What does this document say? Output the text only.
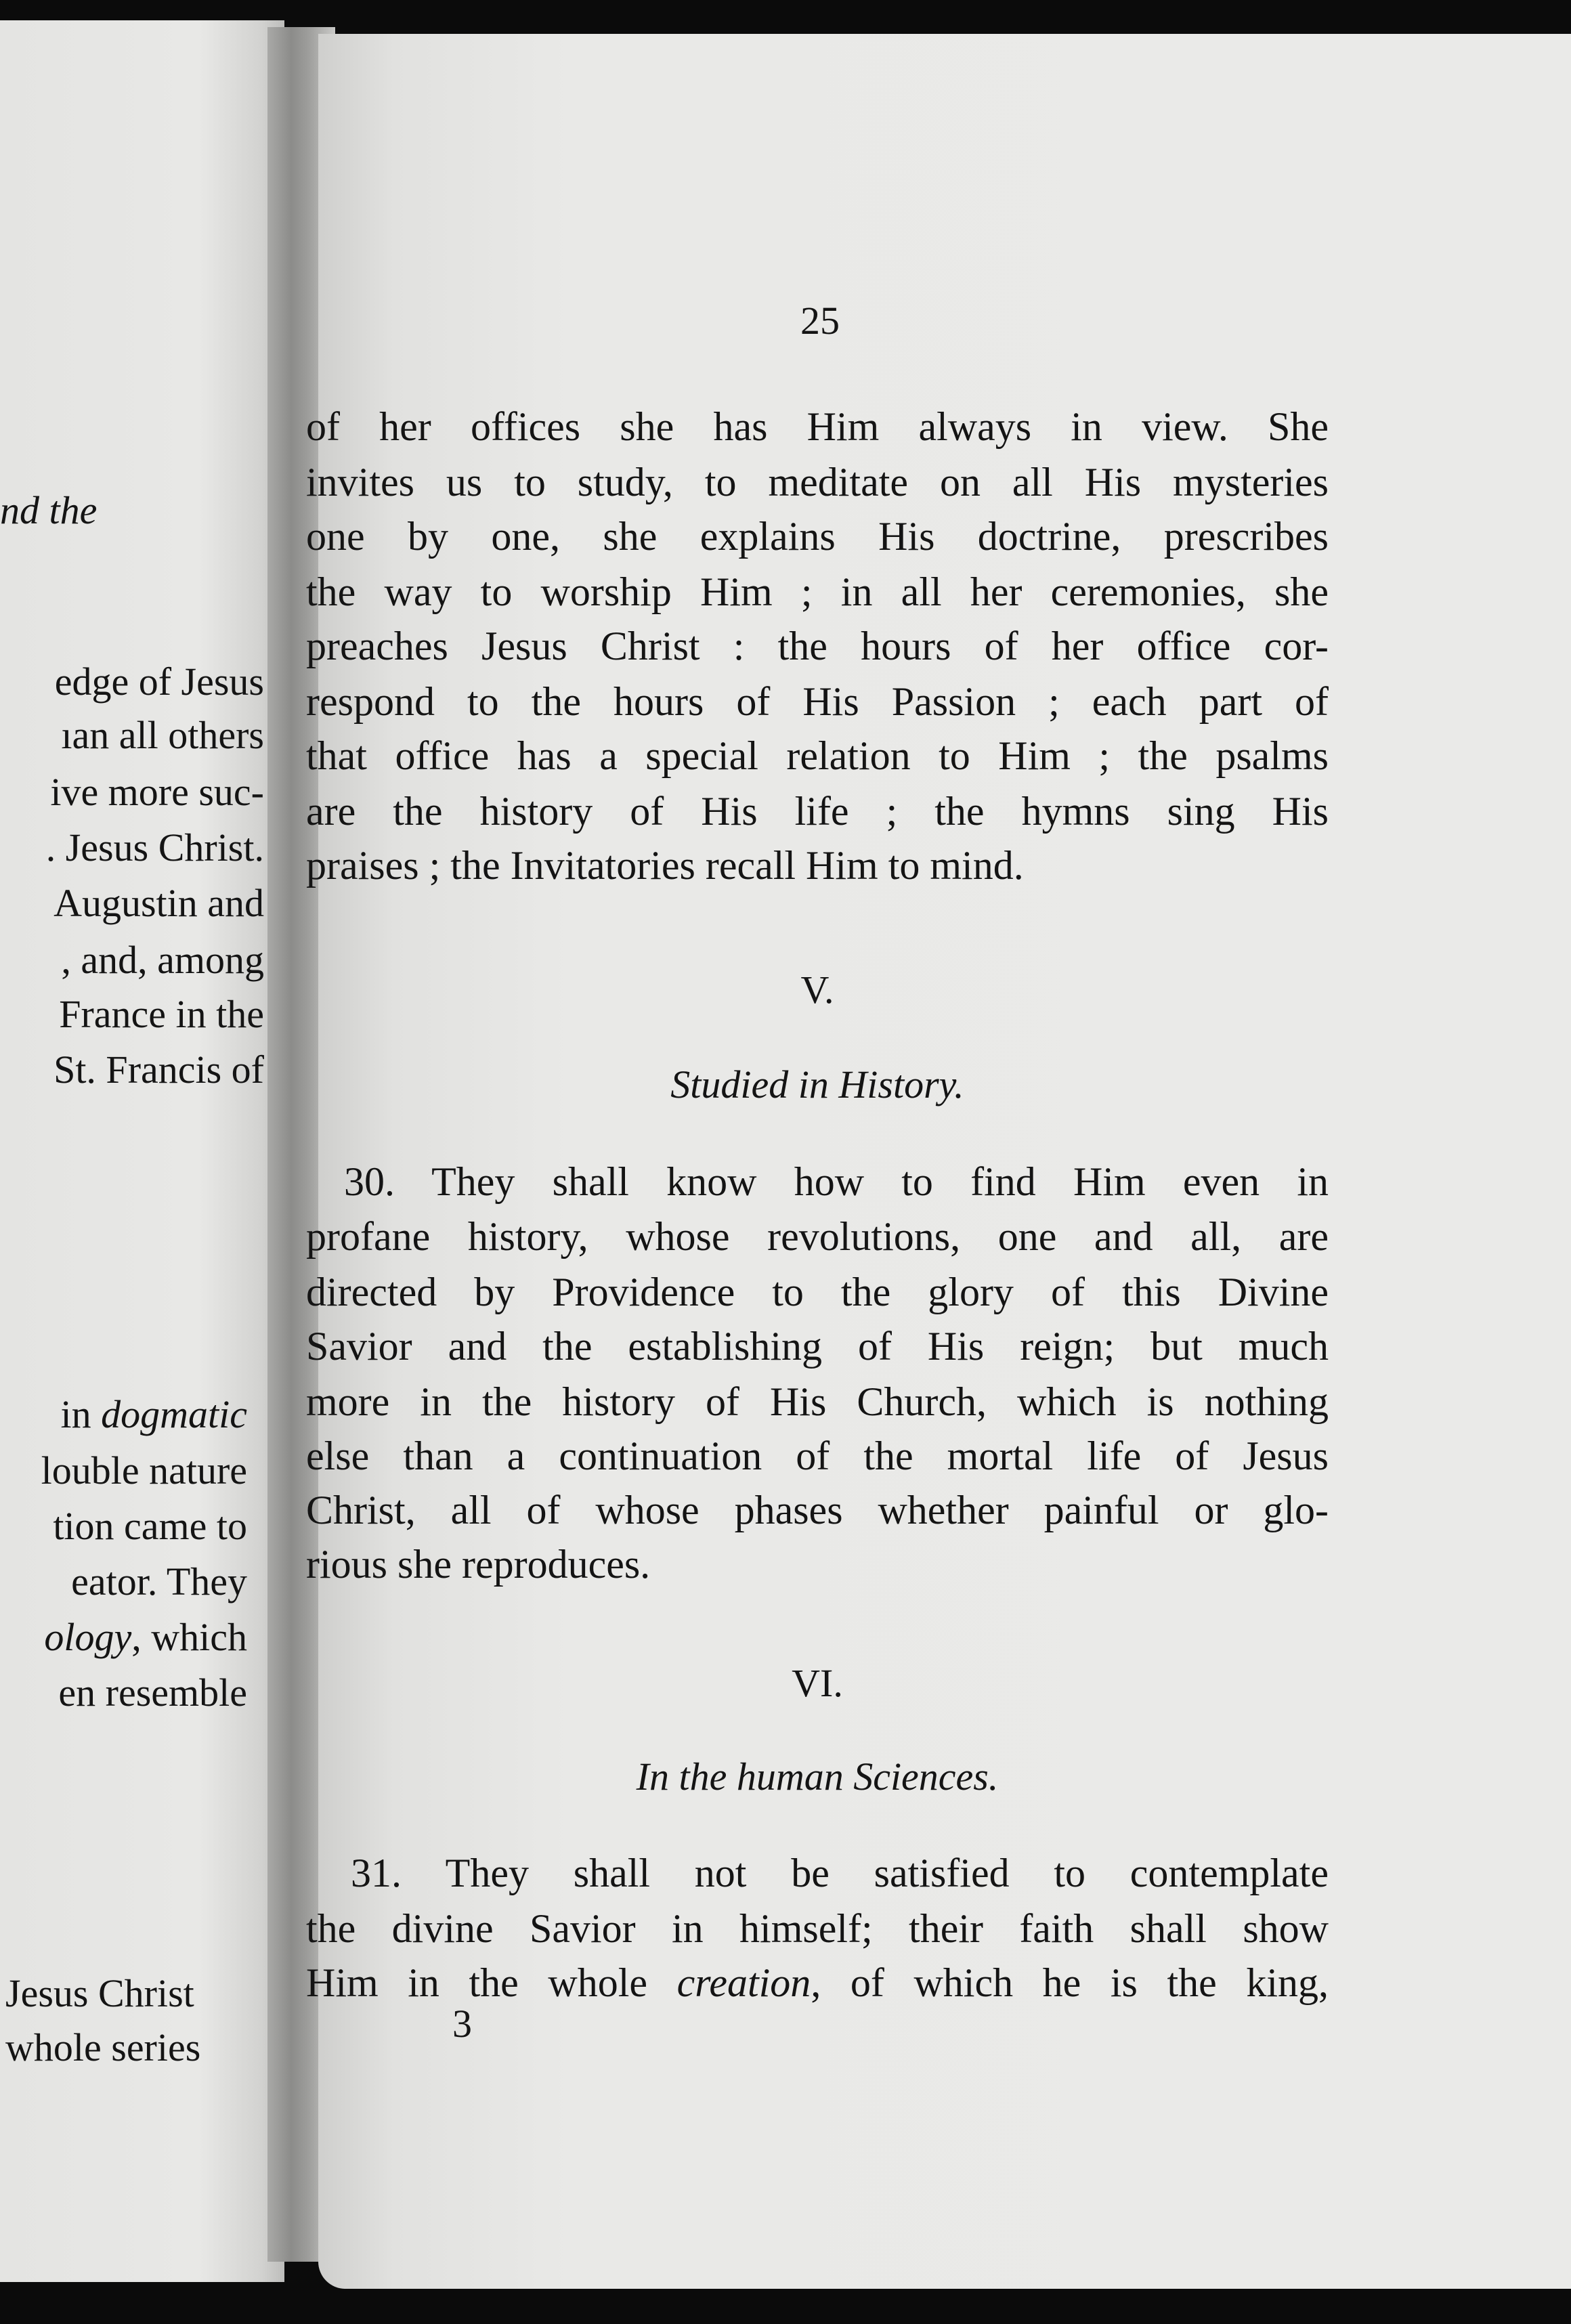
nd the
edge of Jesus
ıan all others
ive more suc-
. Jesus Christ.
Augustin and
, and, among
France in the
St. Francis of
in dogmatic
louble nature
tion came to
eator. They
ology, which
en resemble
Jesus Christ
whole series
25
of her offices she has Him always in view. She
invites us to study, to meditate on all His mysteries
one by one, she explains His doctrine, prescribes
the way to worship Him ; in all her ceremonies, she
preaches Jesus Christ : the hours of her office cor-
respond to the hours of His Passion ; each part of
that office has a special relation to Him ; the psalms
are the history of His life ; the hymns sing His
praises ; the Invitatories recall Him to mind.
V.
Studied in History.
30. They shall know how to find Him even in
profane history, whose revolutions, one and all, are
directed by Providence to the glory of this Divine
Savior and the establishing of His reign; but much
more in the history of His Church, which is nothing
else than a continuation of the mortal life of Jesus
Christ, all of whose phases whether painful or glo-
rious she reproduces.
VI.
In the human Sciences.
31. They shall not be satisfied to contemplate
the divine Savior in himself; their faith shall show
Him in the whole creation, of which he is the king,
3
